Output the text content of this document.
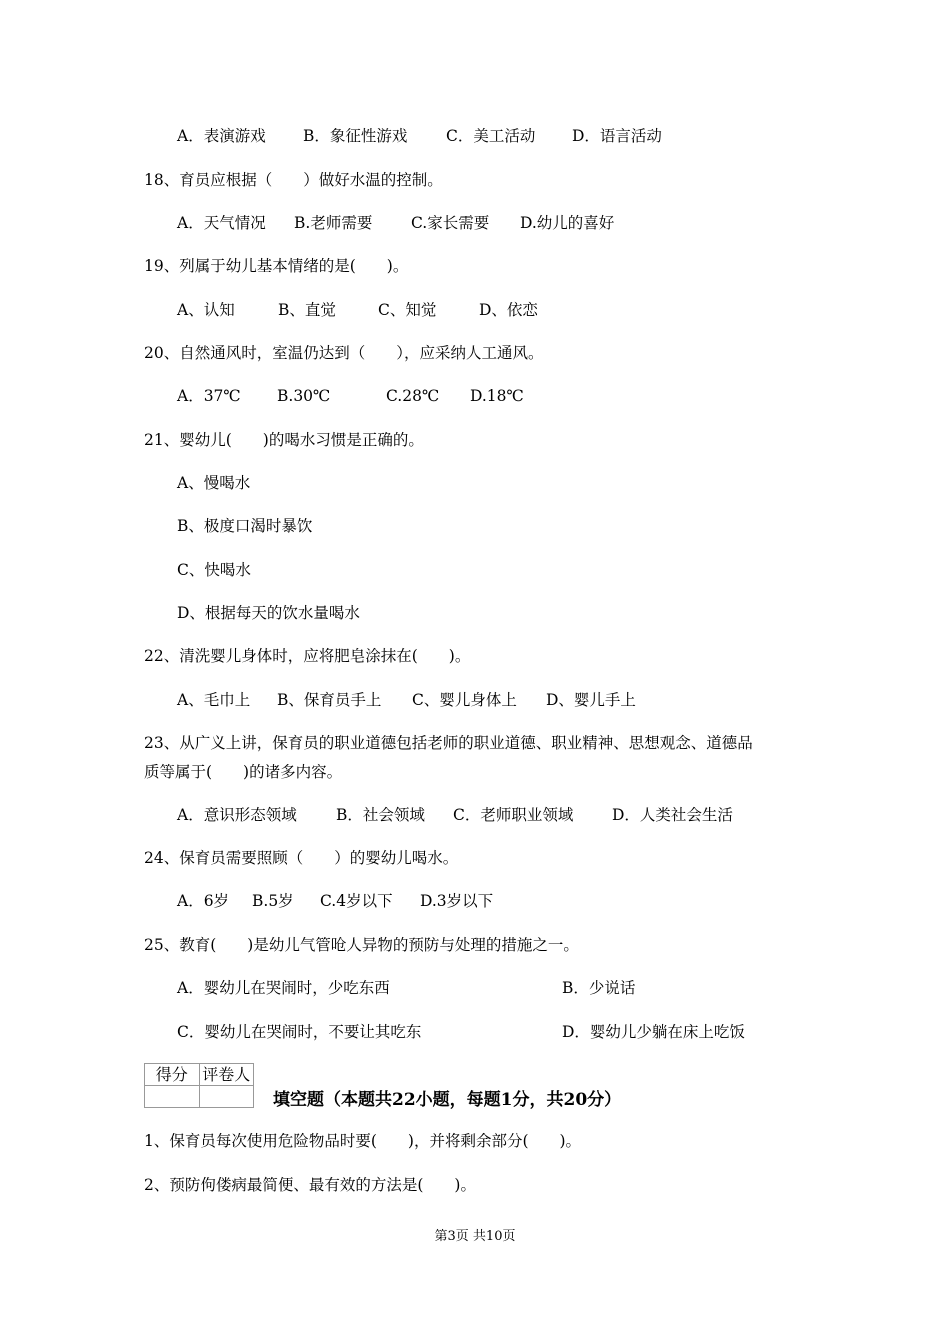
A．表演游戏 B．象征性游戏 C．美工活动 D．语言活动
18、育员应根据（　　）做好水温的控制。
A．天气情况 B.老师需要 C.家长需要 D.幼儿的喜好
19、列属于幼儿基本情绪的是(　　)。
A、认知	B、直觉	C、知觉	D、依恋
20、自然通风时，室温仍达到（　　），应采纳人工通风。
A．37℃ B.30℃	C.28℃ D.18℃
21、婴幼儿(　　)的喝水习惯是正确的。
A、慢喝水
B、极度口渴时暴饮
C、快喝水
D、根据每天的饮水量喝水
22、清洗婴儿身体时，应将肥皂涂抹在(　　)。
A、毛巾上 B、保育员手上 C、婴儿身体上 D、婴儿手上
23、从广义上讲，保育员的职业道德包括老师的职业道德、职业精神、思想观念、道德品
质等属于(　　)的诸多内容。
A．意识形态领域	B．社会领域 C．老师职业领域 D．人类社会生活
24、保育员需要照顾（　　）的婴幼儿喝水。
A．6岁 B.5岁 C.4岁以下 D.3岁以下
25、教育(　　)是幼儿气管呛人异物的预防与处理的措施之一。
A．婴幼儿在哭闹时，少吃东西	B．少说话
C．婴幼儿在哭闹时，不要让其吃东	D．婴幼儿少躺在床上吃饭
得分	评卷人

填空题（本题共22小题，每题1分，共20分）
1、保育员每次使用危险物品时要(　　)，并将剩余部分(　　)。
2、预防佝偻病最简便、最有效的方法是(　　)。
第3页 共10页
